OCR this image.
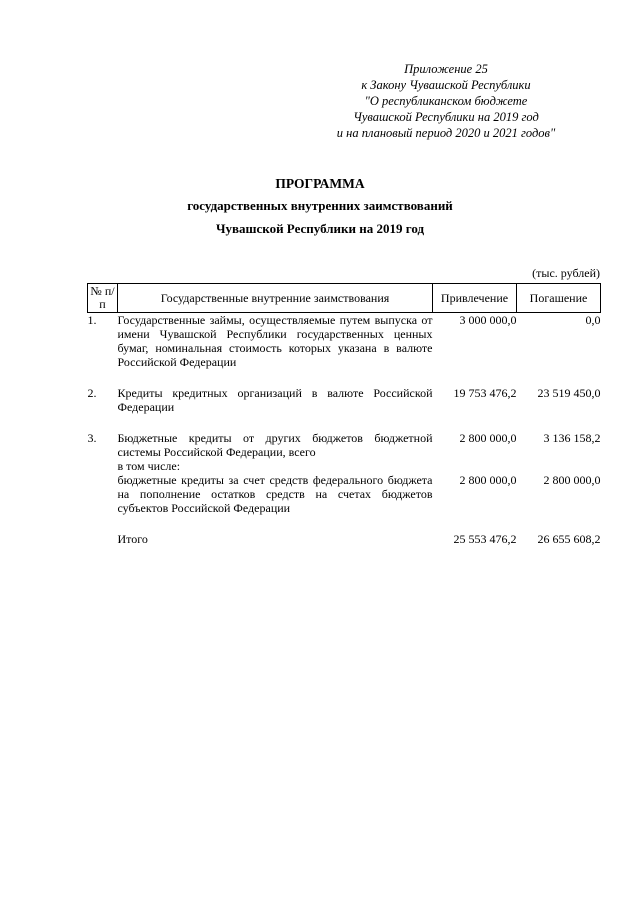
Приложение 25
к Закону Чувашской Республики
"О республиканском бюджете
Чувашской Республики на 2019 год
и на плановый период 2020 и 2021 годов"
ПРОГРАММА
государственных внутренних заимствований
Чувашской Республики на 2019 год
(тыс. рублей)
№ п/п	Государственные внутренние заимствования	Привлечение	Погашение
1.	Государственные займы, осуществляемые путем выпуска от имени Чувашской Республики государственных ценных бумаг, номинальная стоимость которых указана в валюте Российской Федерации	3 000 000,0	0,0

2.	Кредиты кредитных организаций в валюте Российской Федерации	19 753 476,2	23 519 450,0

3.	Бюджетные кредиты от других бюджетов бюджетной системы Российской Федерации, всего	2 800 000,0	3 136 158,2
	в том числе:		
	бюджетные кредиты за счет средств федерального бюджета на пополнение остатков средств на счетах бюджетов субъектов Российской Федерации	2 800 000,0	2 800 000,0

	Итого	25 553 476,2	26 655 608,2
